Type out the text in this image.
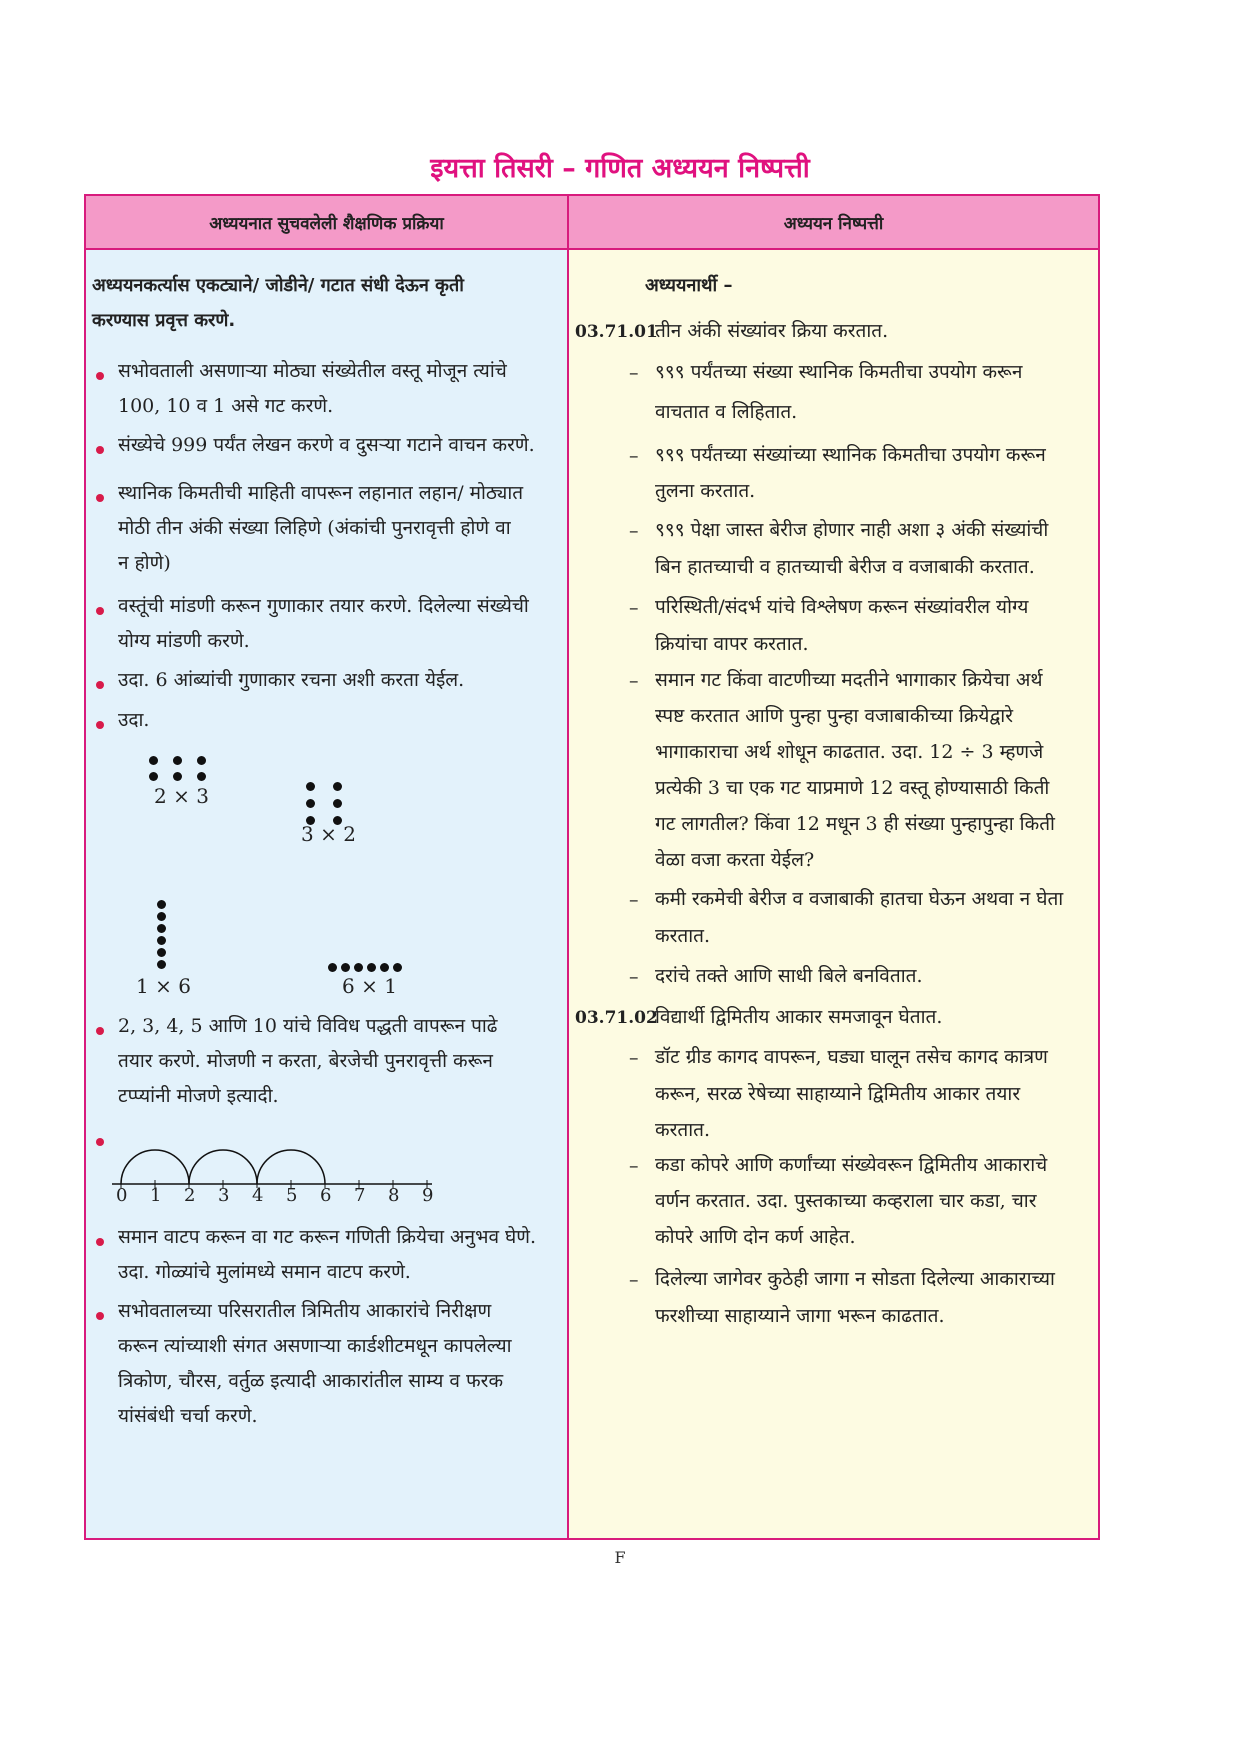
इयत्ता तिसरी – गणित अध्ययन निष्पत्ती
अध्ययनात सुचवलेली शैक्षणिक प्रक्रिया	अध्ययन निष्पत्ती
अध्ययनकर्त्यास एकट्याने/ जोडीने/ गटात संधी देऊन कृती
करण्यास प्रवृत्त करणे.
सभोवताली असणाऱ्या मोठ्या संख्येतील वस्तू मोजून त्यांचे
100, 10 व 1 असे गट करणे.
संख्येचे 999 पर्यंत लेखन करणे व दुसऱ्या गटाने वाचन करणे.
स्थानिक किमतीची माहिती वापरून लहानात लहान/ मोठ्यात
मोठी तीन अंकी संख्या लिहिणे (अंकांची पुनरावृत्ती होणे वा
न होणे)
वस्तूंची मांडणी करून गुणाकार तयार करणे. दिलेल्या संख्येची
योग्य मांडणी करणे.
उदा. 6 आंब्यांची गुणाकार रचना अशी करता येईल.
उदा.
2 × 3
3 × 2
1 × 6	6 × 1
2, 3, 4, 5 आणि 10 यांचे विविध पद्धती वापरून पाढे
तयार करणे. मोजणी न करता, बेरजेची पुनरावृत्ती करून
टप्प्यांनी मोजणे इत्यादी.
0 1 2 3 4 5 6 7 8 9
समान वाटप करून वा गट करून गणिती क्रियेचा अनुभव घेणे.
उदा. गोळ्यांचे मुलांमध्ये समान वाटप करणे.
सभोवतालच्या परिसरातील त्रिमितीय आकारांचे निरीक्षण
करून त्यांच्याशी संगत असणाऱ्या कार्डशीटमधून कापलेल्या
त्रिकोण, चौरस, वर्तुळ इत्यादी आकारांतील साम्य व फरक
यांसंबंधी चर्चा करणे.
अध्ययनार्थी –
03.71.01
तीन अंकी संख्यांवर क्रिया करतात.
– ९९९ पर्यंतच्या संख्या स्थानिक किमतीचा उपयोग करून
वाचतात व लिहितात.
– ९९९ पर्यंतच्या संख्यांच्या स्थानिक किमतीचा उपयोग करून
तुलना करतात.
– ९९९ पेक्षा जास्त बेरीज होणार नाही अशा ३ अंकी संख्यांची
बिन हातच्याची व हातच्याची बेरीज व वजाबाकी करतात.
– परिस्थिती/संदर्भ यांचे विश्लेषण करून संख्यांवरील योग्य
क्रियांचा वापर करतात.
– समान गट किंवा वाटणीच्या मदतीने भागाकार क्रियेचा अर्थ
स्पष्ट करतात आणि पुन्हा पुन्हा वजाबाकीच्या क्रियेद्वारे
भागाकाराचा अर्थ शोधून काढतात. उदा. 12 ÷ 3 म्हणजे
प्रत्येकी 3 चा एक गट याप्रमाणे 12 वस्तू होण्यासाठी किती
गट लागतील? किंवा 12 मधून 3 ही संख्या पुन्हापुन्हा किती
वेळा वजा करता येईल?
– कमी रकमेची बेरीज व वजाबाकी हातचा घेऊन अथवा न घेता
करतात.
– दरांचे तक्ते आणि साधी बिले बनवितात.
03.71.02
विद्यार्थी द्विमितीय आकार समजावून घेतात.
– डॉट ग्रीड कागद वापरून, घड्या घालून तसेच कागद कात्रण
करून, सरळ रेषेच्या साहाय्याने द्विमितीय आकार तयार
करतात.
– कडा कोपरे आणि कर्णांच्या संख्येवरून द्विमितीय आकाराचे
वर्णन करतात. उदा. पुस्तकाच्या कव्हराला चार कडा, चार
कोपरे आणि दोन कर्ण आहेत.
– दिलेल्या जागेवर कुठेही जागा न सोडता दिलेल्या आकाराच्या
फरशीच्या साहाय्याने जागा भरून काढतात.
F
